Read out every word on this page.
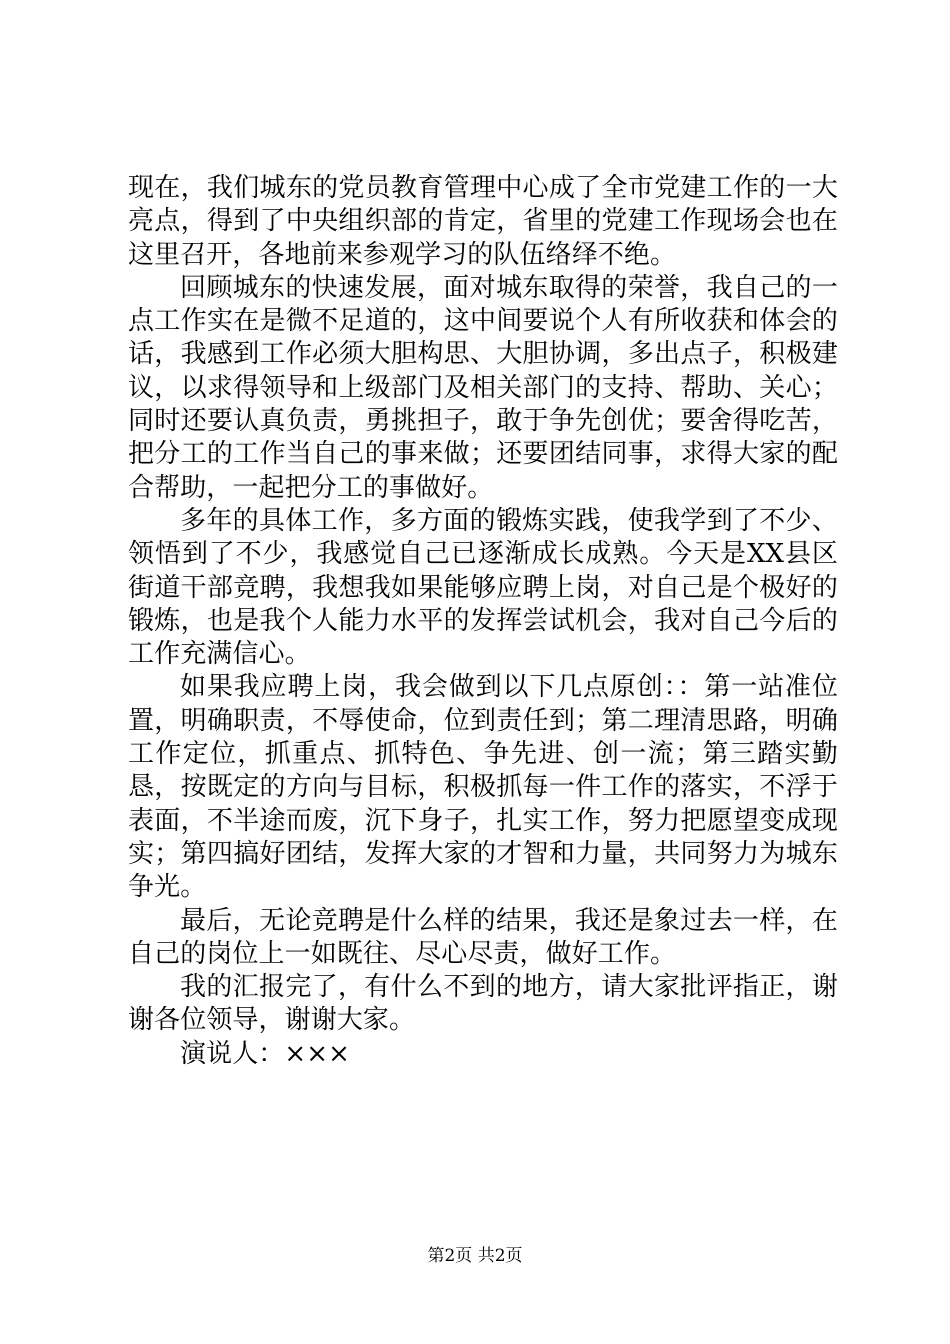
现在，我们城东的党员教育管理中心成了全市党建工作的一大亮点，得到了中央组织部的肯定，省里的党建工作现场会也在这里召开，各地前来参观学习的队伍络绎不绝。

回顾城东的快速发展，面对城东取得的荣誉，我自己的一点工作实在是微不足道的，这中间要说个人有所收获和体会的话，我感到工作必须大胆构思、大胆协调，多出点子，积极建议，以求得领导和上级部门及相关部门的支持、帮助、关心；同时还要认真负责，勇挑担子，敢于争先创优；要舍得吃苦，把分工的工作当自己的事来做；还要团结同事，求得大家的配合帮助，一起把分工的事做好。

多年的具体工作，多方面的锻炼实践，使我学到了不少、领悟到了不少，我感觉自己已逐渐成长成熟。今天是XX县区街道干部竞聘，我想我如果能够应聘上岗，对自己是个极好的锻炼，也是我个人能力水平的发挥尝试机会，我对自己今后的工作充满信心。

如果我应聘上岗，我会做到以下几点原创：：第一站准位置，明确职责，不辱使命，位到责任到；第二理清思路，明确工作定位，抓重点、抓特色、争先进、创一流；第三踏实勤恳，按既定的方向与目标，积极抓每一件工作的落实，不浮于表面，不半途而废，沉下身子，扎实工作，努力把愿望变成现实；第四搞好团结，发挥大家的才智和力量，共同努力为城东争光。

最后，无论竞聘是什么样的结果，我还是象过去一样，在自己的岗位上一如既往、尽心尽责，做好工作。

我的汇报完了，有什么不到的地方，请大家批评指正，谢谢各位领导，谢谢大家。

演说人：×××

第2页 共2页
